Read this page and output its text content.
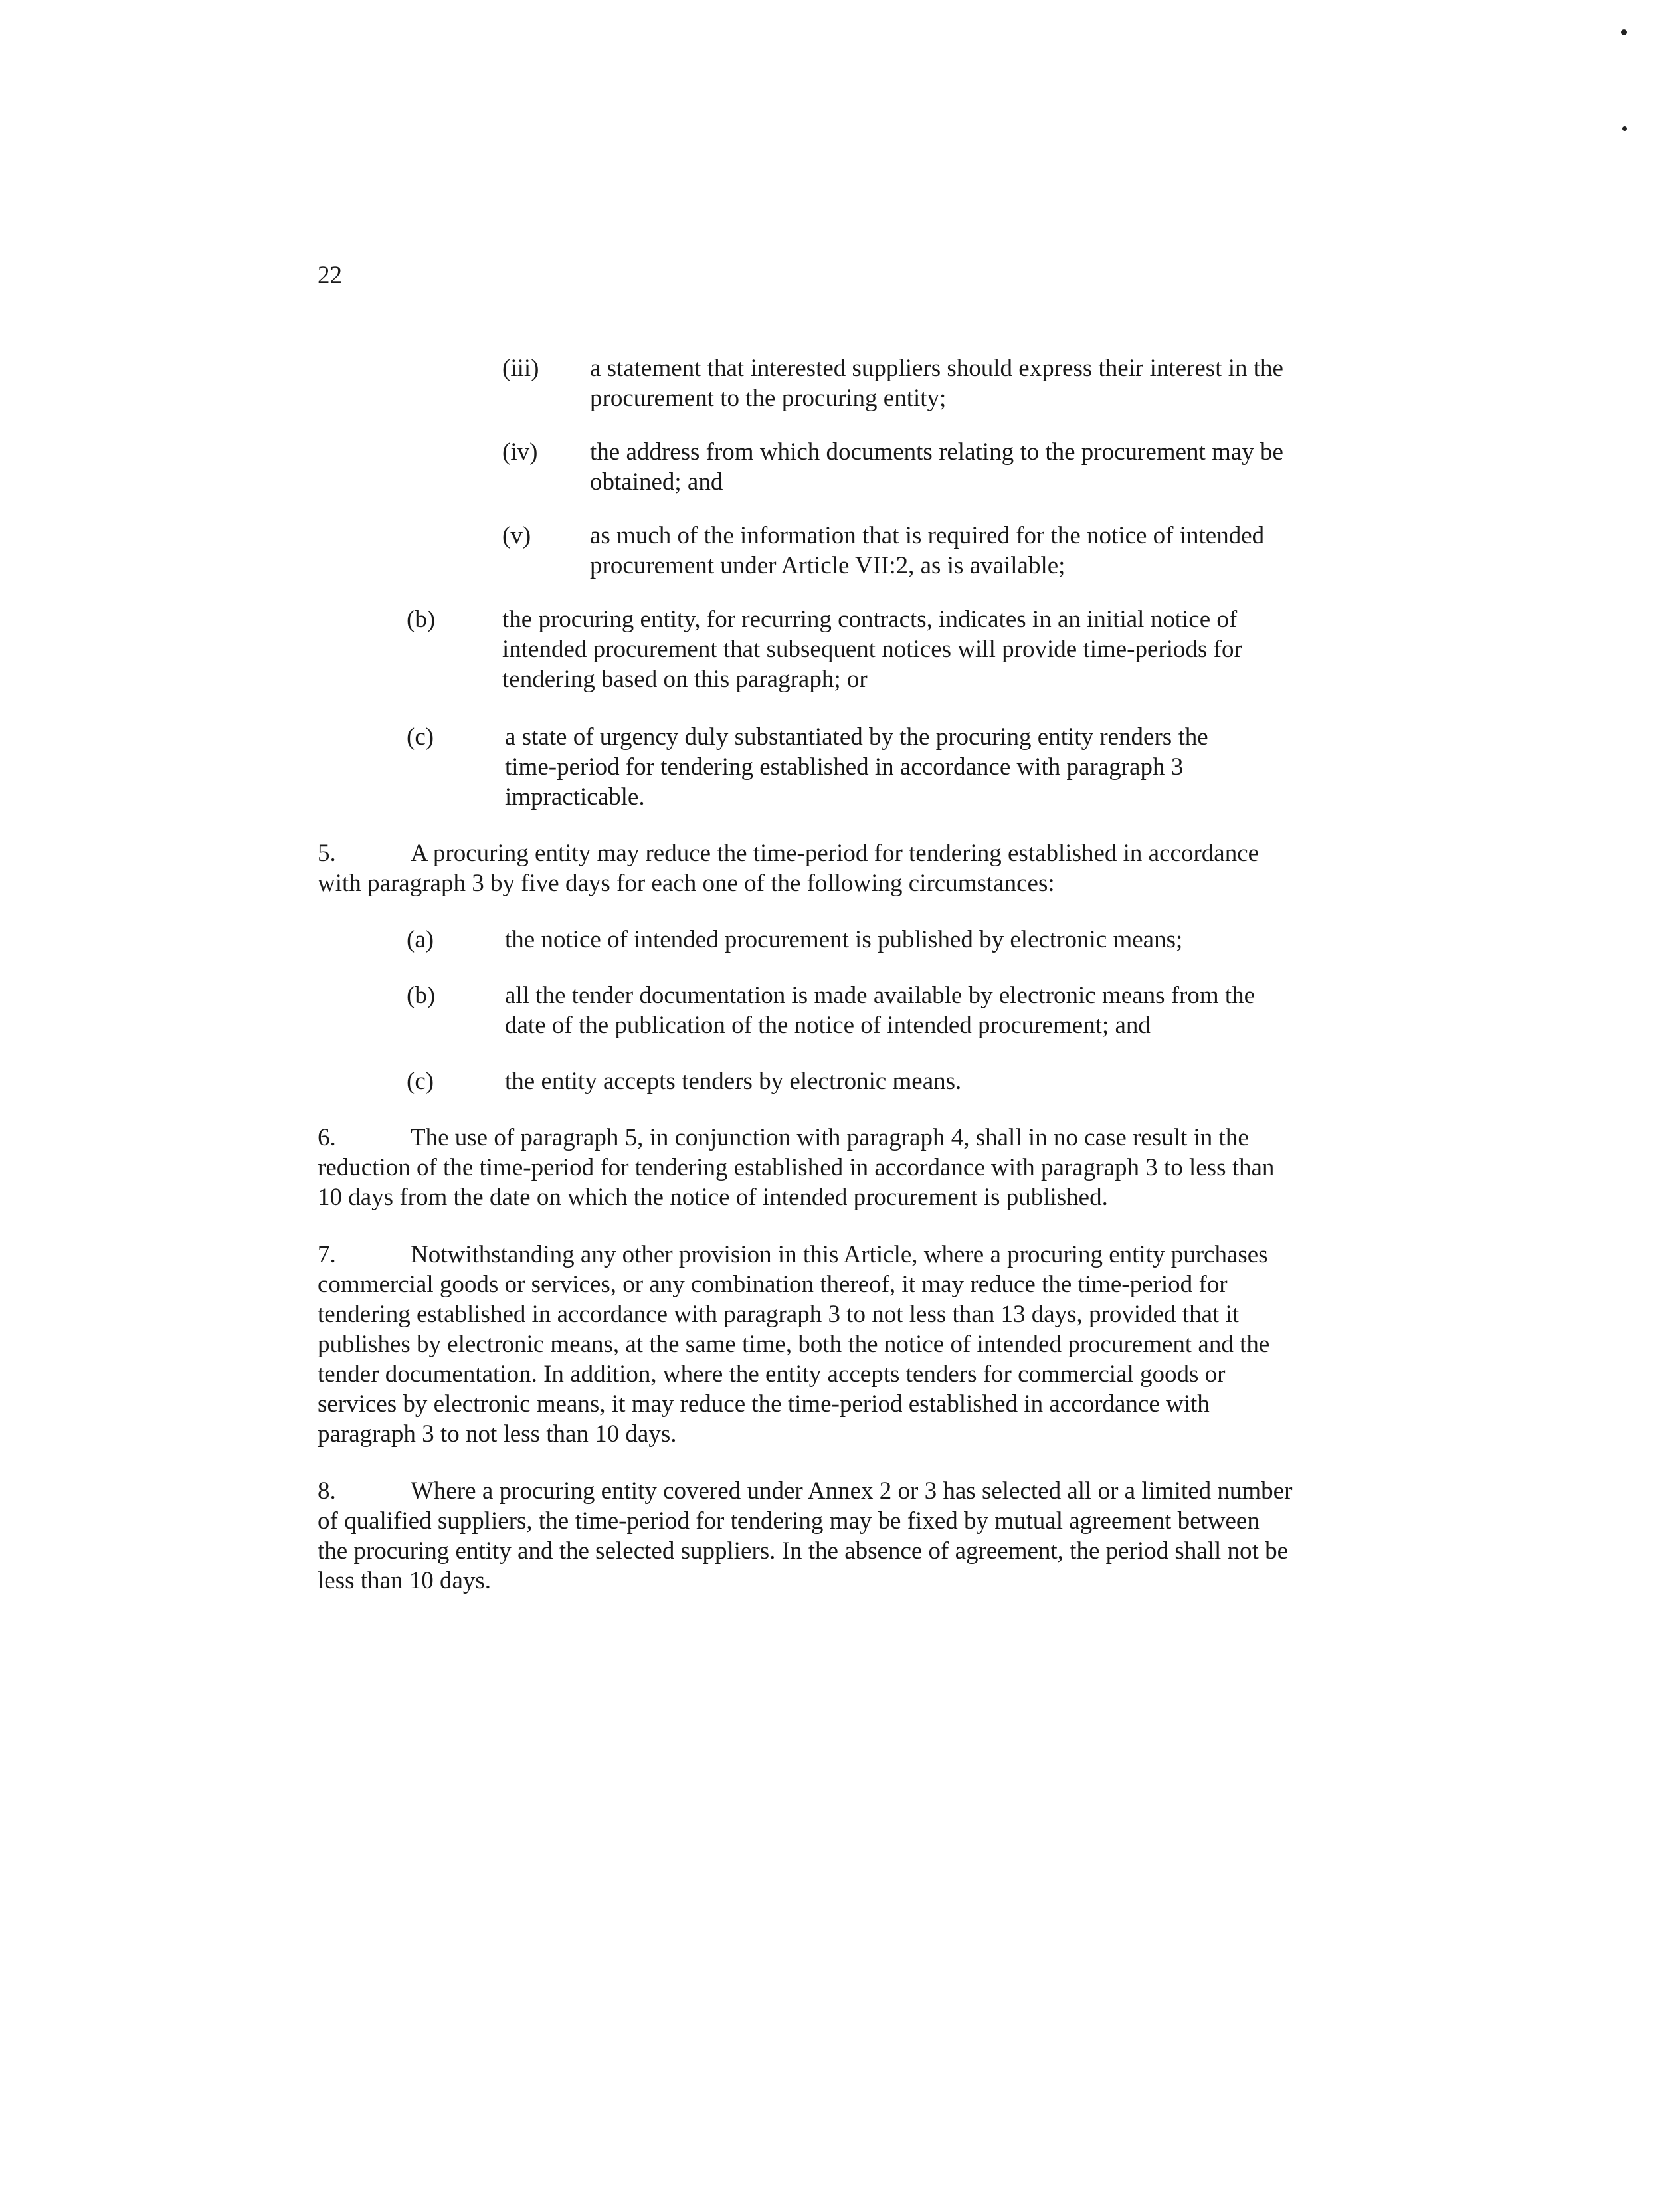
22
(iii) a statement that interested suppliers should express their interest in the
procurement to the procuring entity;
(iv) the address from which documents relating to the procurement may be
obtained; and
(v) as much of the information that is required for the notice of intended
procurement under Article VII:2, as is available;
(b)	the procuring entity, for recurring contracts, indicates in an initial notice of
intended procurement that subsequent notices will provide time-periods for
tendering based on this paragraph; or
(c)	a state of urgency duly substantiated by the procuring entity renders the
time-period for tendering established in accordance with paragraph 3
impracticable.
5.	A procuring entity may reduce the time-period for tendering established in accordance
with paragraph 3 by five days for each one of the following circumstances:
(a)	the notice of intended procurement is published by electronic means;
(b)	all the tender documentation is made available by electronic means from the
date of the publication of the notice of intended procurement; and
(c)	the entity accepts tenders by electronic means.
6.	The use of paragraph 5, in conjunction with paragraph 4, shall in no case result in the
reduction of the time-period for tendering established in accordance with paragraph 3 to less than
10 days from the date on which the notice of intended procurement is published.
7.	Notwithstanding any other provision in this Article, where a procuring entity purchases
commercial goods or services, or any combination thereof, it may reduce the time-period for
tendering established in accordance with paragraph 3 to not less than 13 days, provided that it
publishes by electronic means, at the same time, both the notice of intended procurement and the
tender documentation. In addition, where the entity accepts tenders for commercial goods or
services by electronic means, it may reduce the time-period established in accordance with
paragraph 3 to not less than 10 days.
8.	Where a procuring entity covered under Annex 2 or 3 has selected all or a limited number
of qualified suppliers, the time-period for tendering may be fixed by mutual agreement between
the procuring entity and the selected suppliers. In the absence of agreement, the period shall not be
less than 10 days.
